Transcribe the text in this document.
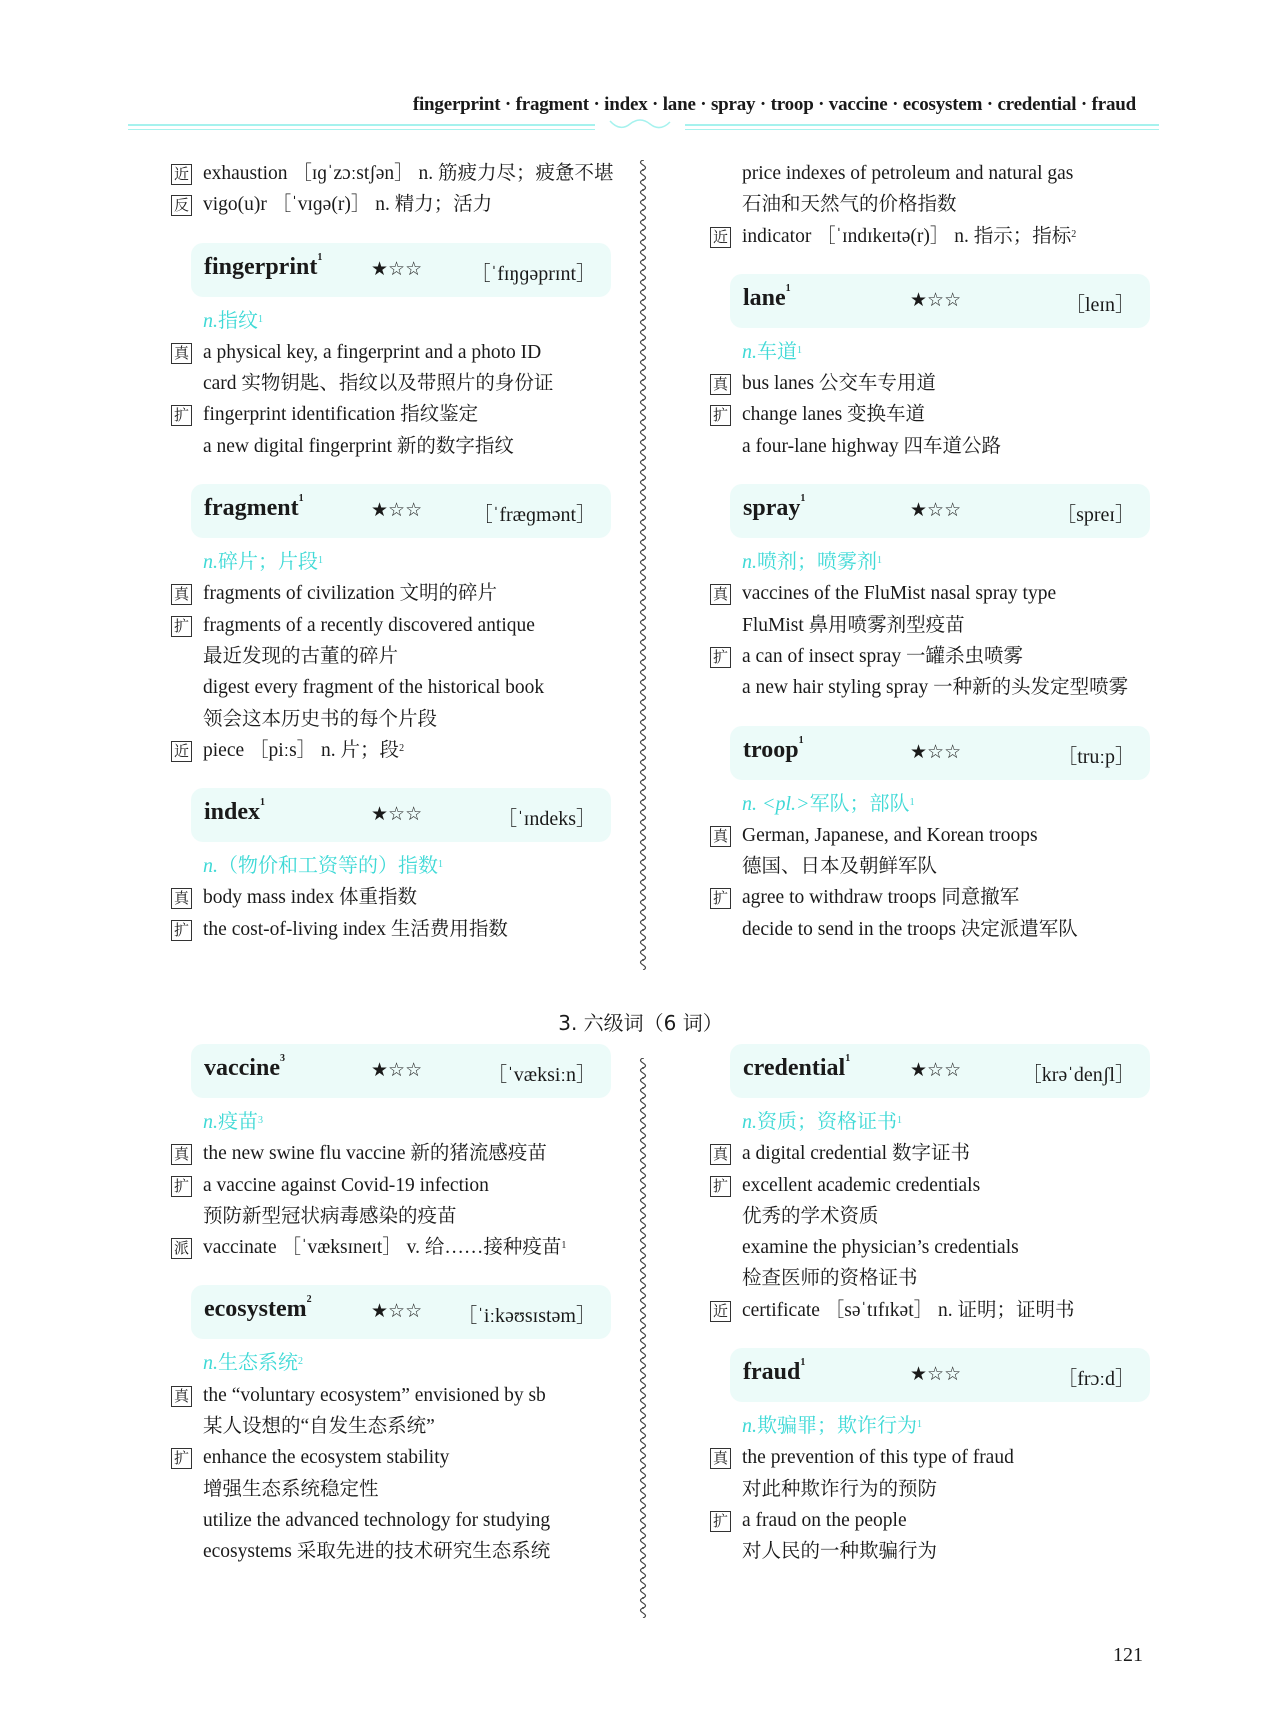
fingerprint · fragment · index · lane · spray · troop · vaccine · ecosystem · credential · fraud
近 exhaustion ［ɪɡˈzɔːstʃən］ n. 筋疲力尽；疲惫不堪
反 vigo(u)r ［ˈvɪɡə(r)］ n. 精力；活力
fingerprint$^1$
★☆☆ ［ˈfɪŋɡəprɪnt］
n.指纹$^1$
真 a physical key, a fingerprint and a photo ID
card 实物钥匙、指纹以及带照片的身份证
扩 fingerprint identification 指纹鉴定
a new digital fingerprint 新的数字指纹
fragment$^1$
★☆☆	［ˈfræɡmənt］
n.碎片；片段$^1$
真 fragments of civilization 文明的碎片
扩 fragments of a recently discovered antique
最近发现的古董的碎片
digest every fragment of the historical book
领会这本历史书的每个片段
近 piece ［piːs］ n. 片；段$^2$
index$^1$
★☆☆	［ˈɪndeks］
n.（物价和工资等的）指数$^1$
真 body mass index 体重指数
扩 the cost-of-living index 生活费用指数
price indexes of petroleum and natural gas
石油和天然气的价格指数
近 indicator ［ˈɪndɪkeɪtə(r)］ n. 指示；指标$^2$
lane$^1$
★☆☆	［leɪn］
n.车道$^1$
真 bus lanes 公交车专用道
扩 change lanes 变换车道
a four-lane highway 四车道公路
spray$^1$
★☆☆	［spreɪ］
n.喷剂；喷雾剂$^1$
真 vaccines of the FluMist nasal spray type
FluMist 鼻用喷雾剂型疫苗
扩 a can of insect spray 一罐杀虫喷雾
a new hair styling spray 一种新的头发定型喷雾
troop$^1$
★☆☆	［truːp］
n. <pl.>军队；部队$^1$
真 German, Japanese, and Korean troops
德国、日本及朝鲜军队
扩 agree to withdraw troops 同意撤军
decide to send in the troops 决定派遣军队
3. 六级词（6 词）
vaccine$^3$
★☆☆	［ˈvæksiːn］
n.疫苗$^3$
真 the new swine flu vaccine 新的猪流感疫苗
扩 a vaccine against Covid-19 infection
预防新型冠状病毒感染的疫苗
派 vaccinate ［ˈvæksɪneɪt］ v. 给……接种疫苗$^1$
ecosystem$^2$
★☆☆ ［ˈiːkəʊsɪstəm］
n.生态系统$^2$
真 the “voluntary ecosystem” envisioned by sb
某人设想的“自发生态系统”
扩 enhance the ecosystem stability
增强生态系统稳定性
utilize the advanced technology for studying
ecosystems 采取先进的技术研究生态系统
credential$^1$
★☆☆	［krəˈdenʃl］
n.资质；资格证书$^1$
真 a digital credential 数字证书
扩 excellent academic credentials
优秀的学术资质
examine the physician’s credentials
检查医师的资格证书
近 certificate ［səˈtɪfɪkət］ n. 证明；证明书
fraud$^1$
★☆☆	［frɔːd］
n.欺骗罪；欺诈行为$^1$
真 the prevention of this type of fraud
对此种欺诈行为的预防
扩 a fraud on the people
对人民的一种欺骗行为
121
